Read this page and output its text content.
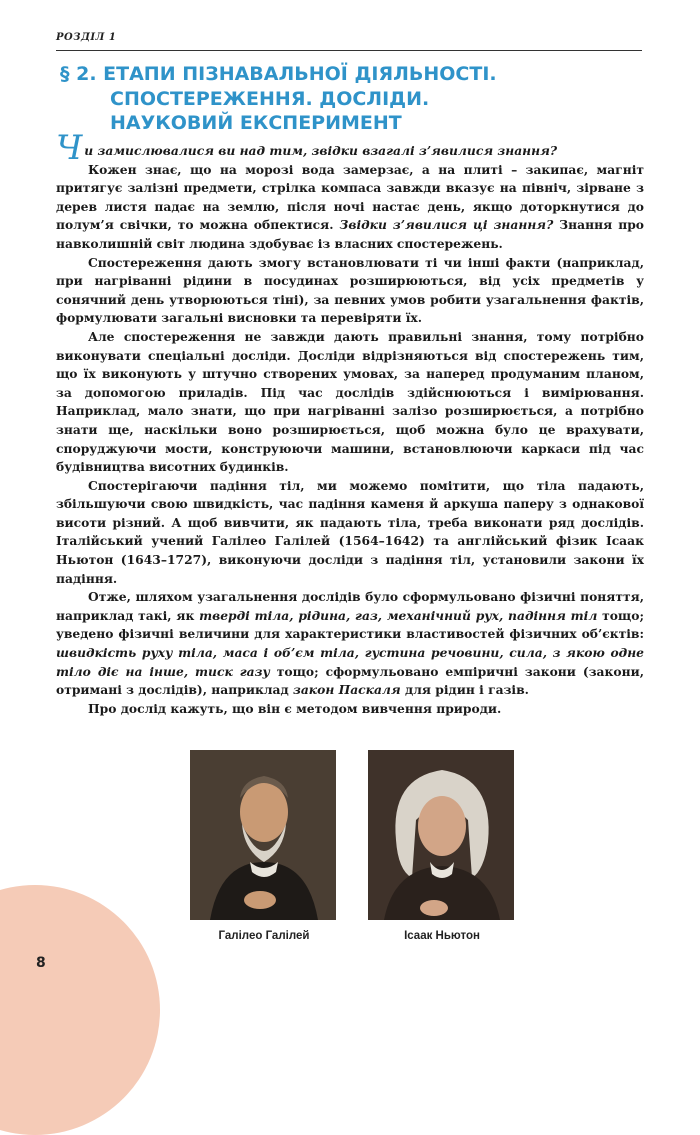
РОЗДІЛ 1
§ 2. ЕТАПИ ПІЗНАВАЛЬНОЇ ДІЯЛЬНОСТІ.
СПОСТЕРЕЖЕННЯ. ДОСЛІДИ.
НАУКОВИЙ ЕКСПЕРИМЕНТ

Чи замислювалися ви над тим, звідки взагалі з’явилися знання?

Кожен знає, що на морозі вода замерзає, а на плиті – закипає, магніт притягує залізні предмети, стрілка компаса завжди вказує на північ, зірване з дерев листя падає на землю, після ночі настає день, якщо доторкнутися до полум’я свічки, то можна обпектися. Звідки з’явилися ці знання? Знання про навколишній світ людина здобуває із власних спостережень.

Спостереження дають змогу встановлювати ті чи інші факти (наприклад, при нагріванні рідини в посудинах розширюються, від усіх предметів у сонячний день утворюються тіні), за певних умов робити узагальнення фактів, формулювати загальні висновки та перевіряти їх.

Але спостереження не завжди дають правильні знання, тому потрібно виконувати спеціальні досліди. Досліди відрізняються від спостережень тим, що їх виконують у штучно створених умовах, за наперед продуманим планом, за допомогою приладів. Під час дослідів здійснюються і вимірювання. Наприклад, мало знати, що при нагріванні залізо розширюється, а потрібно знати ще, наскільки воно розширюється, щоб можна було це врахувати, споруджуючи мости, конструюючи машини, встановлюючи каркаси під час будівництва висотних будинків.

Спостерігаючи падіння тіл, ми можемо помітити, що тіла падають, збільшуючи свою швидкість, час падіння каменя й аркуша паперу з однакової висоти різний. А щоб вивчити, як падають тіла, треба виконати ряд дослідів. Італійський учений Галілео Галілей (1564–1642) та англійський фізик Ісаак Ньютон (1643–1727), виконуючи досліди з падіння тіл, установили закони їх падіння.

Отже, шляхом узагальнення дослідів було сформульовано фізичні поняття, наприклад такі, як тверді тіла, рідина, газ, механічний рух, падіння тіл тощо; уведено фізичні величини для характеристики властивостей фізичних об’єктів: швидкість руху тіла, маса і об’єм тіла, густина речовини, сила, з якою одне тіло діє на інше, тиск газу тощо; сформульовано емпіричні закони (закони, отримані з дослідів), наприклад закон Паскаля для рідин і газів.

Про дослід кажуть, що він є методом вивчення природи.

Галілео Галілей	Ісаак Ньютон
8
